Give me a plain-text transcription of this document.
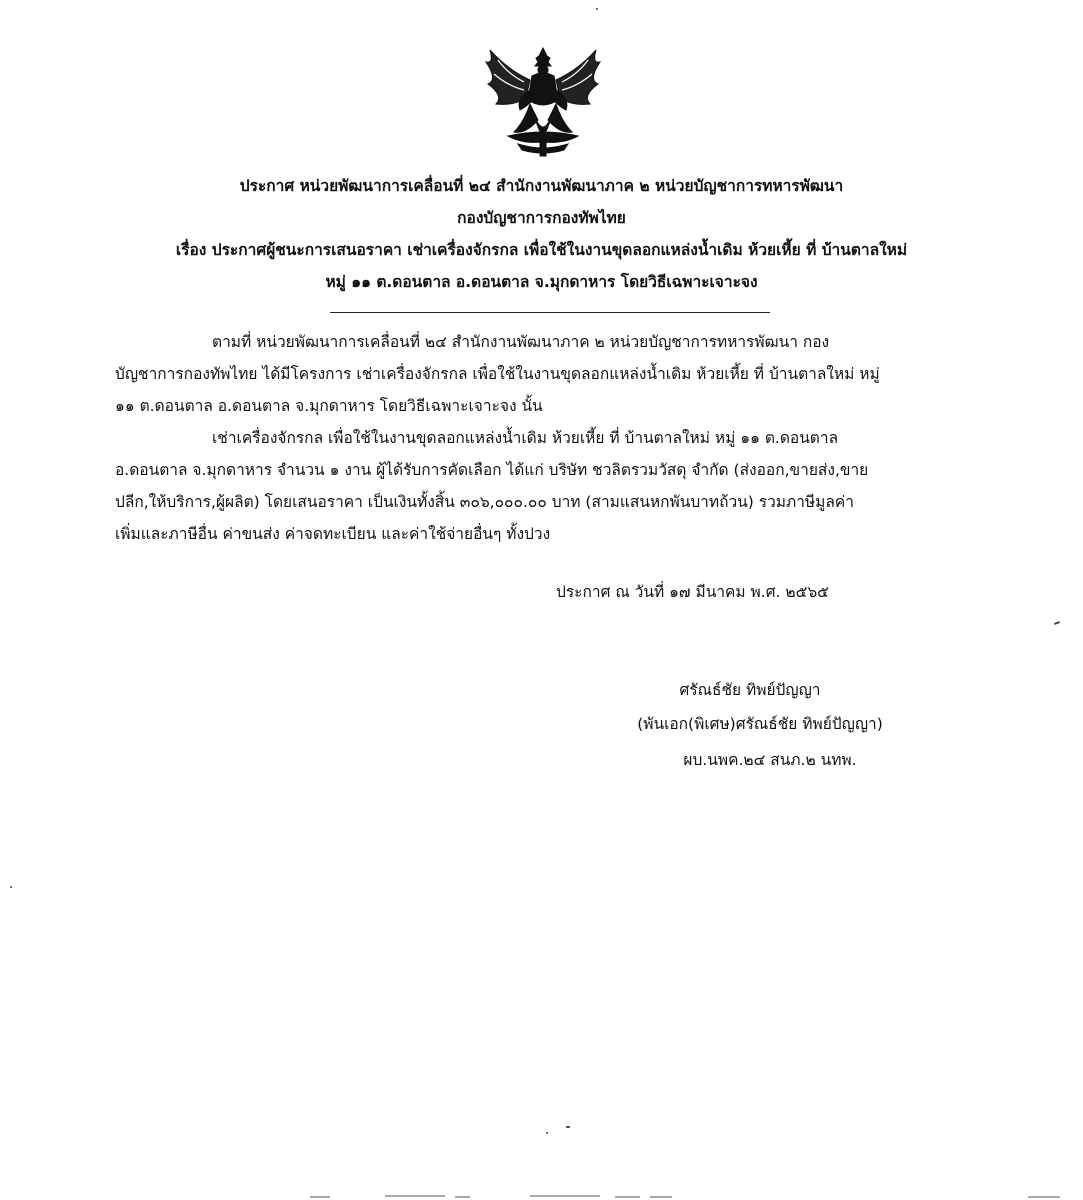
ประกาศ หน่วยพัฒนาการเคลื่อนที่ ๒๔ สำนักงานพัฒนาภาค ๒ หน่วยบัญชาการทหารพัฒนา
กองบัญชาการกองทัพไทย
เรื่อง ประกาศผู้ชนะการเสนอราคา เช่าเครื่องจักรกล เพื่อใช้ในงานขุดลอกแหล่งน้ำเดิม ห้วยเหี้ย ที่ บ้านตาลใหม่
หมู่ ๑๑ ต.ดอนตาล อ.ดอนตาล จ.มุกดาหาร โดยวิธีเฉพาะเจาะจง
ตามที่ หน่วยพัฒนาการเคลื่อนที่ ๒๔ สำนักงานพัฒนาภาค ๒ หน่วยบัญชาการทหารพัฒนา กอง
บัญชาการกองทัพไทย ได้มีโครงการ เช่าเครื่องจักรกล เพื่อใช้ในงานขุดลอกแหล่งน้ำเดิม ห้วยเหี้ย ที่ บ้านตาลใหม่ หมู่
๑๑ ต.ดอนตาล อ.ดอนตาล จ.มุกดาหาร โดยวิธีเฉพาะเจาะจง นั้น
เช่าเครื่องจักรกล เพื่อใช้ในงานขุดลอกแหล่งน้ำเดิม ห้วยเหี้ย ที่ บ้านตาลใหม่ หมู่ ๑๑ ต.ดอนตาล
อ.ดอนตาล จ.มุกดาหาร จำนวน ๑ งาน ผู้ได้รับการคัดเลือก ได้แก่ บริษัท ชวลิตรวมวัสดุ จำกัด (ส่งออก,ขายส่ง,ขาย
ปลีก,ให้บริการ,ผู้ผลิต) โดยเสนอราคา เป็นเงินทั้งสิ้น ๓๐๖,๐๐๐.๐๐ บาท (สามแสนหกพันบาทถ้วน) รวมภาษีมูลค่า
เพิ่มและภาษีอื่น ค่าขนส่ง ค่าจดทะเบียน และค่าใช้จ่ายอื่นๆ ทั้งปวง
ประกาศ ณ วันที่ ๑๗ มีนาคม พ.ศ. ๒๕๖๕
ศรัณธ์ชัย ทิพย์ปัญญา
(พันเอก(พิเศษ)ศรัณธ์ชัย ทิพย์ปัญญา)
ผบ.นพค.๒๔ สนภ.๒ นทพ.
